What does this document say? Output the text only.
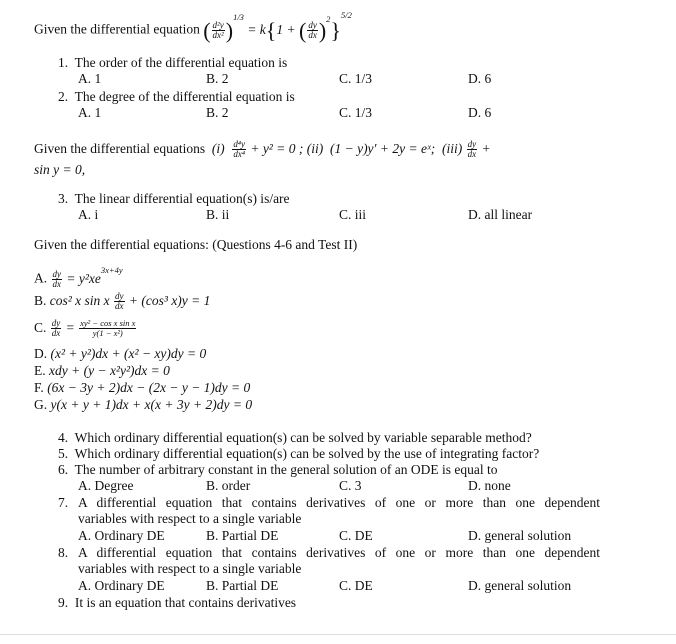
Given the differential equation ( $\frac{\text{d²y}}{\text{dx²}} )^{1/3} = k\{1$ + ( $\frac{dy}{dx} )^2\}^{5/2}$
1. The order of the differential equation is
A. 1	B. 2	C. 1/3	D. 6
2. The degree of the differential equation is
A. 1	B. 2	C. 1/3	D. 6
Given the differential equations $(i) \frac{\text{d⁴y}}{\text{dx⁴}} + y^2 = 0$ ; (ii) (1 − y)y′ + 2y = eˣ; $(iii) \frac{dy}{dx}$ +
sin y = 0,
3. The linear differential equation(s) is/are
A. i	B. ii	C. iii	D. all linear
Given the differential equations: (Questions 4-6 and Test II)
A. $\frac{dy}{dx} = y^2xe^{3x+4y}$
B. cos² x sin x $\frac{dy}{dx} + (\cos^3$ x)y = 1
C. $\frac{dy}{dx} = \frac{\text{xy² − cos x sin x}}{\text{y(1 − x²)}}$
D. (x² + y²)dx + (x² − xy)dy = 0
E. xdy + (y − x²y²)dx = 0
F. (6x − 3y + 2)dx − (2x − y − 1)dy = 0
G. y(x + y + 1)dx + x(x + 3y + 2)dy = 0
4. Which ordinary differential equation(s) can be solved by variable separable method?
5. Which ordinary differential equation(s) can be solved by the use of integrating factor?
6. The number of arbitrary constant in the general solution of an ODE is equal to
A. Degree	B. order	C. 3	D. none
7. A differential equation that contains derivatives of one or more than one dependent
variables with respect to a single variable
A. Ordinary DE	B. Partial DE	C. DE	D. general solution
8. A differential equation that contains derivatives of one or more than one dependent
variables with respect to a single variable
A. Ordinary DE	B. Partial DE	C. DE	D. general solution
9. It is an equation that contains derivatives
